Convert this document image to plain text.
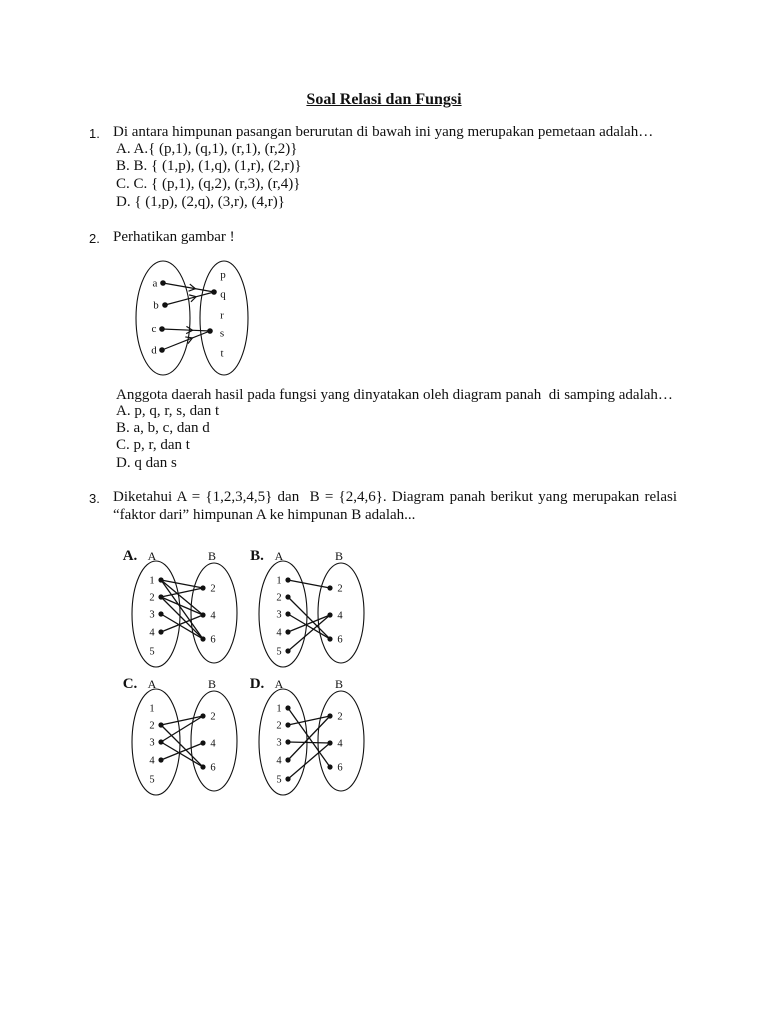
Soal Relasi dan Fungsi
1. Di antara himpunan pasangan berurutan di bawah ini yang merupakan pemetaan adalah…
A. A.{ (p,1), (q,1), (r,1), (r,2)}
B. B. { (1,p), (1,q), (1,r), (2,r)}
C. C. { (p,1), (q,2), (r,3), (r,4)}
D. { (1,p), (2,q), (3,r), (4,r)}
2. Perhatikan gambar !
a
b
c
d
p
q
r
s
t
Anggota daerah hasil pada fungsi yang dinyatakan oleh diagram panah  di samping adalah…
A. p, q, r, s, dan t
B. a, b, c, dan d
C. p, r, dan t
D. q dan s
3. Diketahui A = {1,2,3,4,5} dan  B = {2,4,6}. Diagram panah berikut yang merupakan relasi
“faktor dari” himpunan A ke himpunan B adalah...
A. A	B
1
2
3
4
5
2
4
6
B. A	B
1
2
3
4
5
2
4
6
C. A	B
1
2
3
4
5
2
4
6
D. A	B
1
2
3
4
5
2
4
6
